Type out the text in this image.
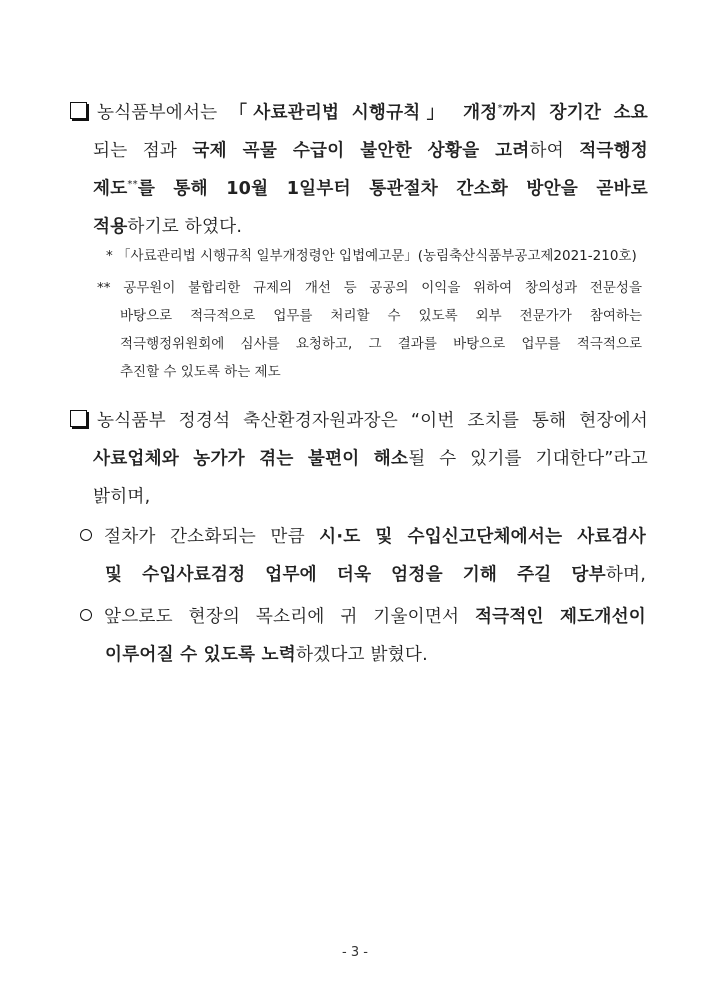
농식품부에서는 「사료관리법 시행규칙」 개정*까지 장기간 소요
되는 점과 국제 곡물 수급이 불안한 상황을 고려하여 적극행정
제도**를 통해 10월 1일부터 통관절차 간소화 방안을 곧바로
적용하기로 하였다.
* 「사료관리법 시행규칙 일부개정령안 입법예고문」(농림축산식품부공고제2021-210호)
** 공무원이 불합리한 규제의 개선 등 공공의 이익을 위하여 창의성과 전문성을
바탕으로 적극적으로 업무를 처리할 수 있도록 외부 전문가가 참여하는
적극행정위원회에 심사를 요청하고, 그 결과를 바탕으로 업무를 적극적으로
추진할 수 있도록 하는 제도
농식품부 정경석 축산환경자원과장은 “이번 조치를 통해 현장에서
사료업체와 농가가 겪는 불편이 해소될 수 있기를 기대한다”라고
밝히며,
절차가 간소화되는 만큼 시·도 및 수입신고단체에서는 사료검사
및 수입사료검정 업무에 더욱 엄정을 기해 주길 당부하며,
앞으로도 현장의 목소리에 귀 기울이면서 적극적인 제도개선이
이루어질 수 있도록 노력하겠다고 밝혔다.
- 3 -
